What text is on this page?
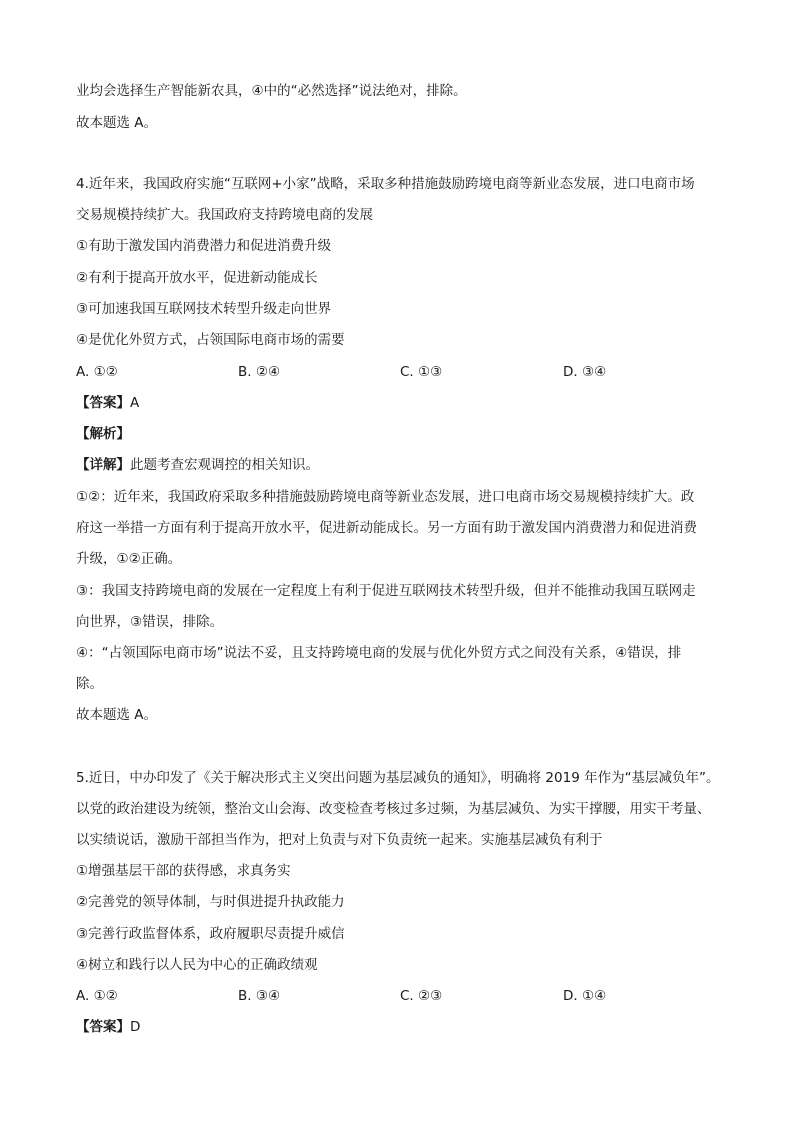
业均会选择生产智能新农具，④中的“必然选择”说法绝对，排除。
故本题选 A。
4.近年来，我国政府实施“互联网+小家”战略，采取多种措施鼓励跨境电商等新业态发展，进口电商市场
交易规模持续扩大。我国政府支持跨境电商的发展
①有助于激发国内消费潜力和促进消费升级
②有利于提高开放水平，促进新动能成长
③可加速我国互联网技术转型升级走向世界
④是优化外贸方式，占领国际电商市场的需要
A. ①②	B. ②④	C. ①③	D. ③④
【答案】A
【解析】
【详解】此题考查宏观调控的相关知识。
①②：近年来，我国政府采取多种措施鼓励跨境电商等新业态发展，进口电商市场交易规模持续扩大。政
府这一举措一方面有利于提高开放水平，促进新动能成长。另一方面有助于激发国内消费潜力和促进消费
升级，①②正确。
③：我国支持跨境电商的发展在一定程度上有利于促进互联网技术转型升级，但并不能推动我国互联网走
向世界，③错误，排除。
④：“占领国际电商市场”说法不妥，且支持跨境电商的发展与优化外贸方式之间没有关系，④错误，排
除。
故本题选 A。
5.近日，中办印发了《关于解决形式主义突出问题为基层减负的通知》，明确将 2019 年作为“基层减负年”。
以党的政治建设为统领，整治文山会海、改变检查考核过多过频，为基层减负、为实干撑腰，用实干考量、
以实绩说话，激励干部担当作为，把对上负责与对下负责统一起来。实施基层减负有利于
①增强基层干部的获得感，求真务实
②完善党的领导体制，与时俱进提升执政能力
③完善行政监督体系，政府履职尽责提升威信
④树立和践行以人民为中心的正确政绩观
A. ①②	B. ③④	C. ②③	D. ①④
【答案】D
